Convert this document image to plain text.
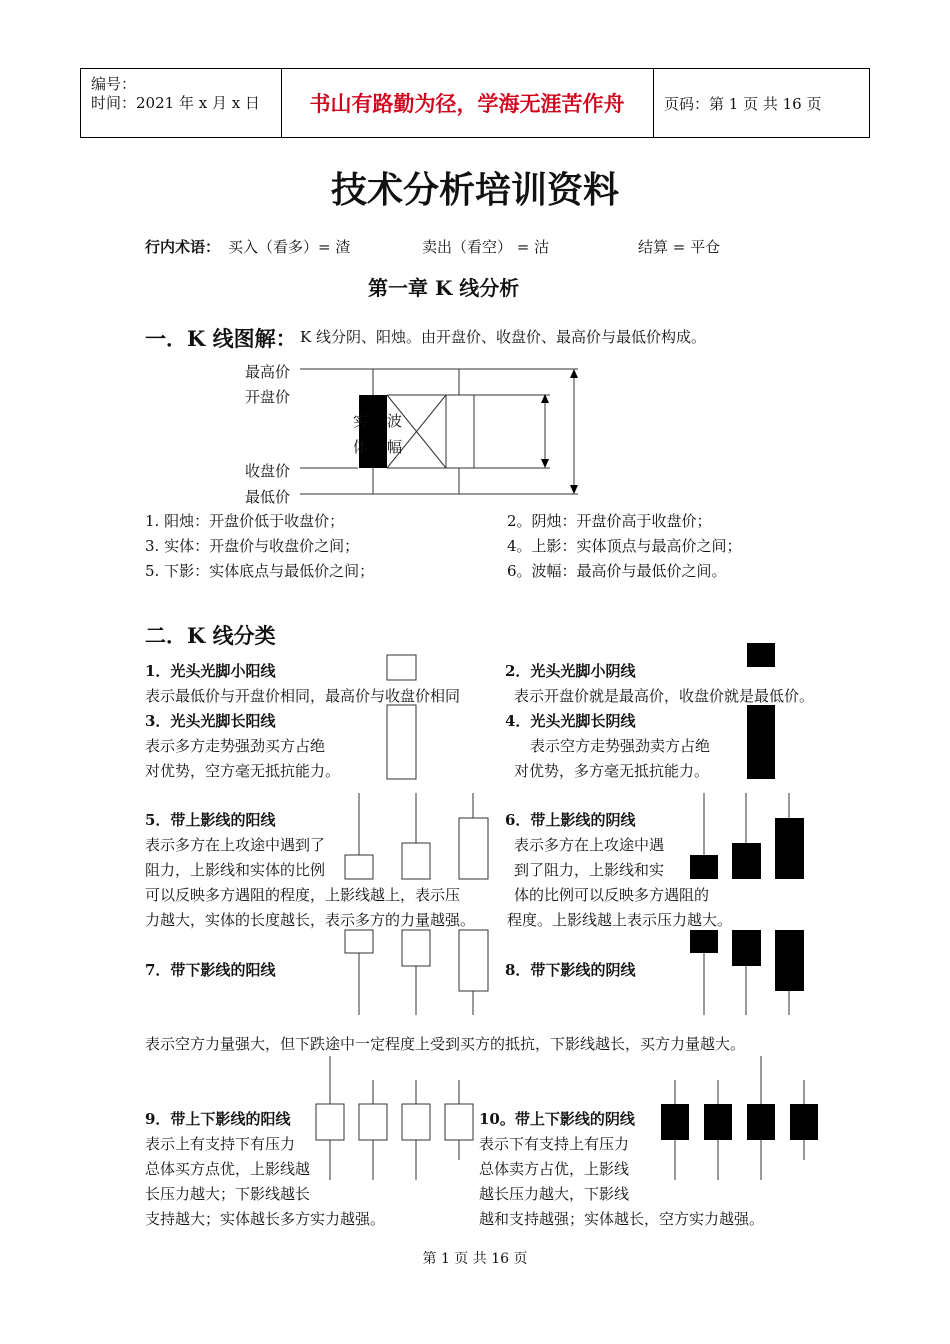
编号：
时间：2021 年 x 月 x 日	书山有路勤为径，学海无涯苦作舟	页码：第 1 页 共 16 页
技术分析培训资料
行内术语： 买入（看多）= 渣	卖出（看空） = 沽	结算 = 平仓
第一章 K 线分析
一．K 线图解： K 线分阴、阳烛。由开盘价、收盘价、最高价与最低价构成。
最高价
开盘价
收盘价
最低价
实
体
波
幅
1. 阳烛：开盘价低于收盘价；	2。阴烛：开盘价高于收盘价；
3. 实体：开盘价与收盘价之间；	4。上影：实体顶点与最高价之间；
5. 下影：实体底点与最低价之间；	6。波幅：最高价与最低价之间。
二．K 线分类
1．光头光脚小阳线
表示最低价与开盘价相同，最高价与收盘价相同
2．光头光脚小阴线
表示开盘价就是最高价，收盘价就是最低价。
3．光头光脚长阳线
表示多方走势强劲买方占绝
对优势，空方毫无抵抗能力。
4．光头光脚长阴线
表示空方走势强劲卖方占绝
对优势，多方毫无抵抗能力。
5．带上影线的阳线
表示多方在上攻途中遇到了
阻力，上影线和实体的比例
可以反映多方遇阻的程度，上影线越上，表示压
力越大，实体的长度越长，表示多方的力量越强。
6．带上影线的阴线
表示多方在上攻途中遇
到了阻力，上影线和实
体的比例可以反映多方遇阻的
程度。上影线越上表示压力越大。
7．带下影线的阳线	8．带下影线的阴线
表示空方力量强大，但下跌途中一定程度上受到买方的抵抗，下影线越长，买方力量越大。
9．带上下影线的阳线
表示上有支持下有压力
总体买方点优，上影线越
长压力越大；下影线越长
支持越大；实体越长多方实力越强。
10。带上下影线的阴线
表示下有支持上有压力
总体卖方占优，上影线
越长压力越大，下影线
越和支持越强；实体越长，空方实力越强。
第 1 页 共 16 页
